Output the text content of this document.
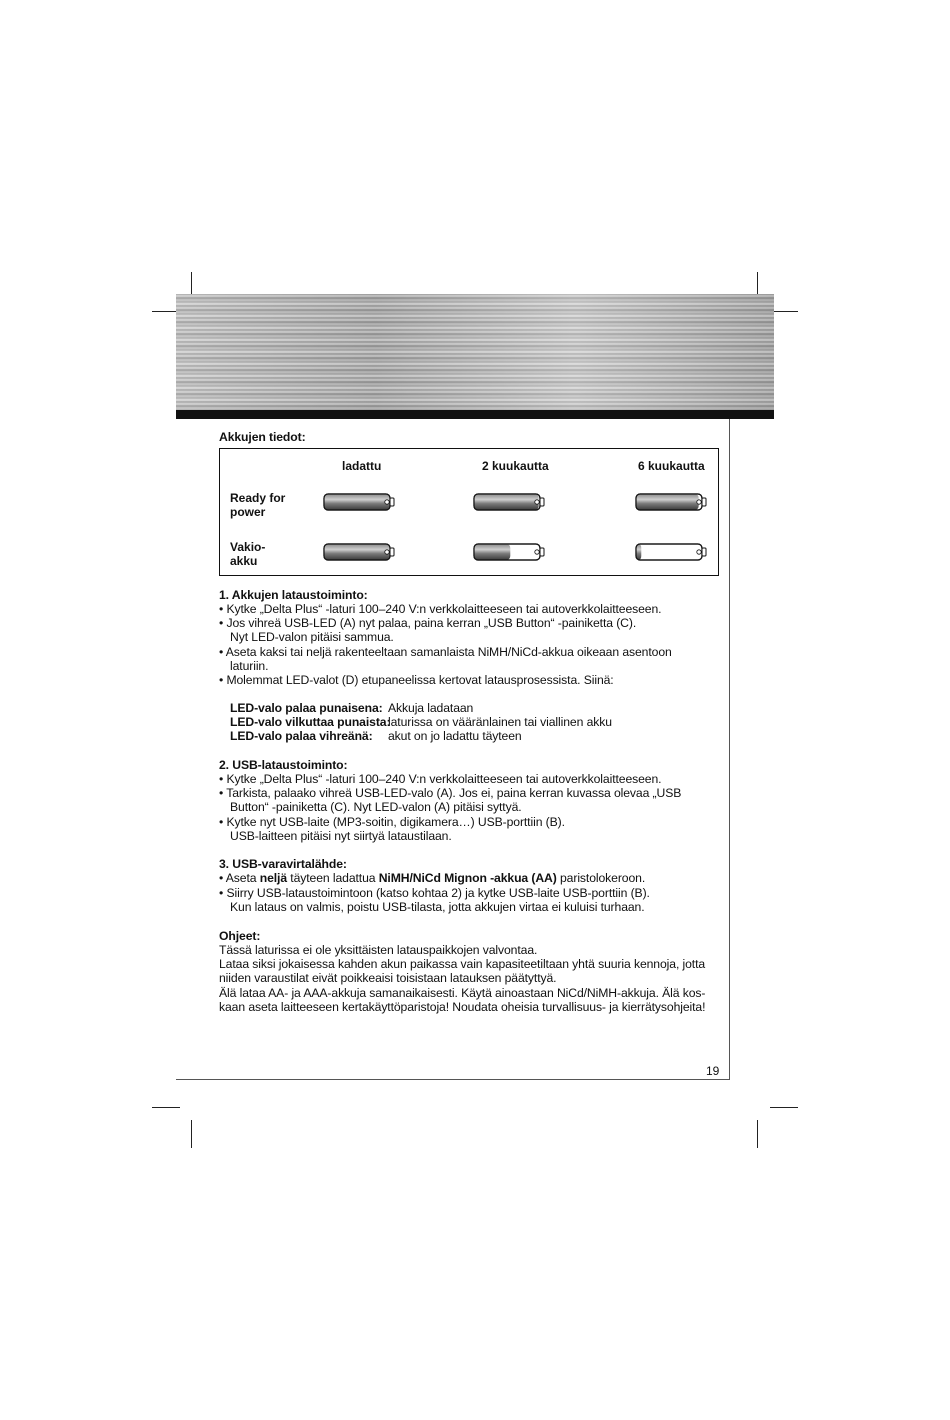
Akkujen tiedot:
ladattu	2 kuukautta	6 kuukautta
Ready for
power
Vakio-
akku
1. Akkujen lataustoiminto:
• Kytke „Delta Plus“ -laturi 100–240 V:n verkkolaitteeseen tai autoverkkolaitteeseen.
• Jos vihreä USB-LED (A) nyt palaa, paina kerran „USB Button“ -painiketta (C).
Nyt LED-valon pitäisi sammua.
• Aseta kaksi tai neljä rakenteeltaan samanlaista NiMH/NiCd-akkua oikeaan asentoon
laturiin.
• Molemmat LED-valot (D) etupaneelissa kertovat latausprosessista. Siinä:
LED-valo palaa punaisena: Akkuja ladataan
LED-valo vilkuttaa punaista:
laturissa on vääränlainen tai viallinen akku
LED-valo palaa vihreänä: akut on jo ladattu täyteen
2. USB-lataustoiminto:
• Kytke „Delta Plus“ -laturi 100–240 V:n verkkolaitteeseen tai autoverkkolaitteeseen.
• Tarkista, palaako vihreä USB-LED-valo (A). Jos ei, paina kerran kuvassa olevaa „USB
Button“ -painiketta (C). Nyt LED-valon (A) pitäisi syttyä.
• Kytke nyt USB-laite (MP3-soitin, digikamera…) USB-porttiin (B).
USB-laitteen pitäisi nyt siirtyä lataustilaan.
3. USB-varavirtalähde:
• Aseta neljä täyteen ladattua NiMH/NiCd Mignon -akkua (AA) paristolokeroon.
• Siirry USB-lataustoimintoon (katso kohtaa 2) ja kytke USB-laite USB-porttiin (B).
Kun lataus on valmis, poistu USB-tilasta, jotta akkujen virtaa ei kuluisi turhaan.
Ohjeet:
Tässä laturissa ei ole yksittäisten latauspaikkojen valvontaa.
Lataa siksi jokaisessa kahden akun paikassa vain kapasiteetiltaan yhtä suuria kennoja, jotta
niiden varaustilat eivät poikkeaisi toisistaan latauksen päätyttyä.
Älä lataa AA- ja AAA-akkuja samanaikaisesti. Käytä ainoastaan NiCd/NiMH-akkuja. Älä kos-
kaan aseta laitteeseen kertakäyttöparistoja! Noudata oheisia turvallisuus- ja kierrätysohjeita!
19
